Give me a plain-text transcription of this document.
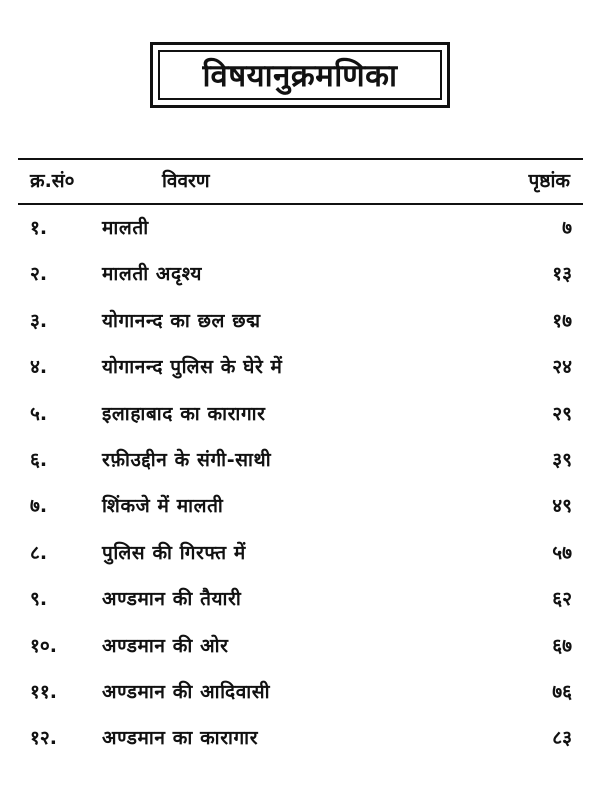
विषयानुक्रमणिका
क्र.सं०	विवरण	पृष्ठांक
१.	मालती	७
२.	मालती अदृश्य	१३
३.	योगानन्द का छल छद्म	१७
४.	योगानन्द पुलिस के घेरे में	२४
५.	इलाहाबाद का कारागार	२९
६.	रफ़ीउद्दीन के संगी-साथी	३९
७.	शिंकजे में मालती	४९
८.	पुलिस की गिरफ्त में	५७
९.	अण्डमान की तैयारी	६२
१०. अण्डमान की ओर	६७
११. अण्डमान की आदिवासी	७६
१२. अण्डमान का कारागार	८३
